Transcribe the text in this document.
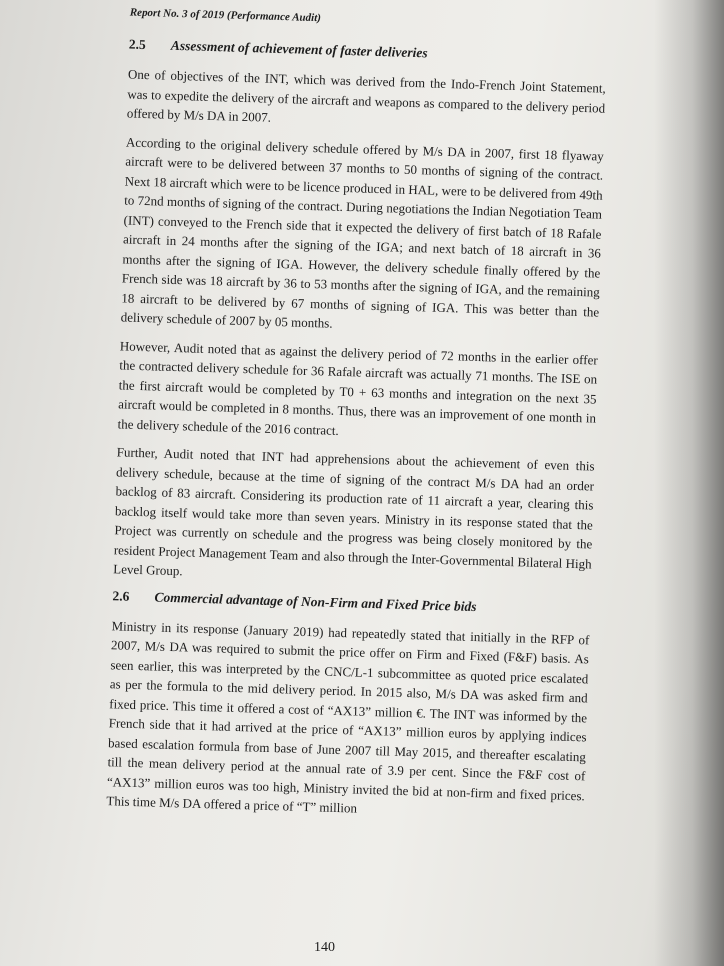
Report No. 3 of 2019 (Performance Audit)
2.5 Assessment of achievement of faster deliveries

One of objectives of the INT, which was derived from the Indo-French Joint Statement, was to expedite the delivery of the aircraft and weapons as compared to the delivery period offered by M/s DA in 2007.

According to the original delivery schedule offered by M/s DA in 2007, first 18 flyaway aircraft were to be delivered between 37 months to 50 months of signing of the contract. Next 18 aircraft which were to be licence produced in HAL, were to be delivered from 49th to 72nd months of signing of the contract. During negotiations the Indian Negotiation Team (INT) conveyed to the French side that it expected the delivery of first batch of 18 Rafale aircraft in 24 months after the signing of the IGA; and next batch of 18 aircraft in 36 months after the signing of IGA. However, the delivery schedule finally offered by the French side was 18 aircraft by 36 to 53 months after the signing of IGA, and the remaining 18 aircraft to be delivered by 67 months of signing of IGA. This was better than the delivery schedule of 2007 by 05 months.

However, Audit noted that as against the delivery period of 72 months in the earlier offer the contracted delivery schedule for 36 Rafale aircraft was actually 71 months. The ISE on the first aircraft would be completed by T0 + 63 months and integration on the next 35 aircraft would be completed in 8 months. Thus, there was an improvement of one month in the delivery schedule of the 2016 contract.

Further, Audit noted that INT had apprehensions about the achievement of even this delivery schedule, because at the time of signing of the contract M/s DA had an order backlog of 83 aircraft. Considering its production rate of 11 aircraft a year, clearing this backlog itself would take more than seven years. Ministry in its response stated that the Project was currently on schedule and the progress was being closely monitored by the resident Project Management Team and also through the Inter-Governmental Bilateral High Level Group.

2.6 Commercial advantage of Non-Firm and Fixed Price bids

Ministry in its response (January 2019) had repeatedly stated that initially in the RFP of 2007, M/s DA was required to submit the price offer on Firm and Fixed (F&F) basis. As seen earlier, this was interpreted by the CNC/L-1 subcommittee as quoted price escalated as per the formula to the mid delivery period. In 2015 also, M/s DA was asked firm and fixed price. This time it offered a cost of “AX13” million €. The INT was informed by the French side that it had arrived at the price of “AX13” million euros by applying indices based escalation formula from base of June 2007 till May 2015, and thereafter escalating till the mean delivery period at the annual rate of 3.9 per cent. Since the F&F cost of “AX13” million euros was too high, Ministry invited the bid at non-firm and fixed prices. This time M/s DA offered a price of “T” million

140
